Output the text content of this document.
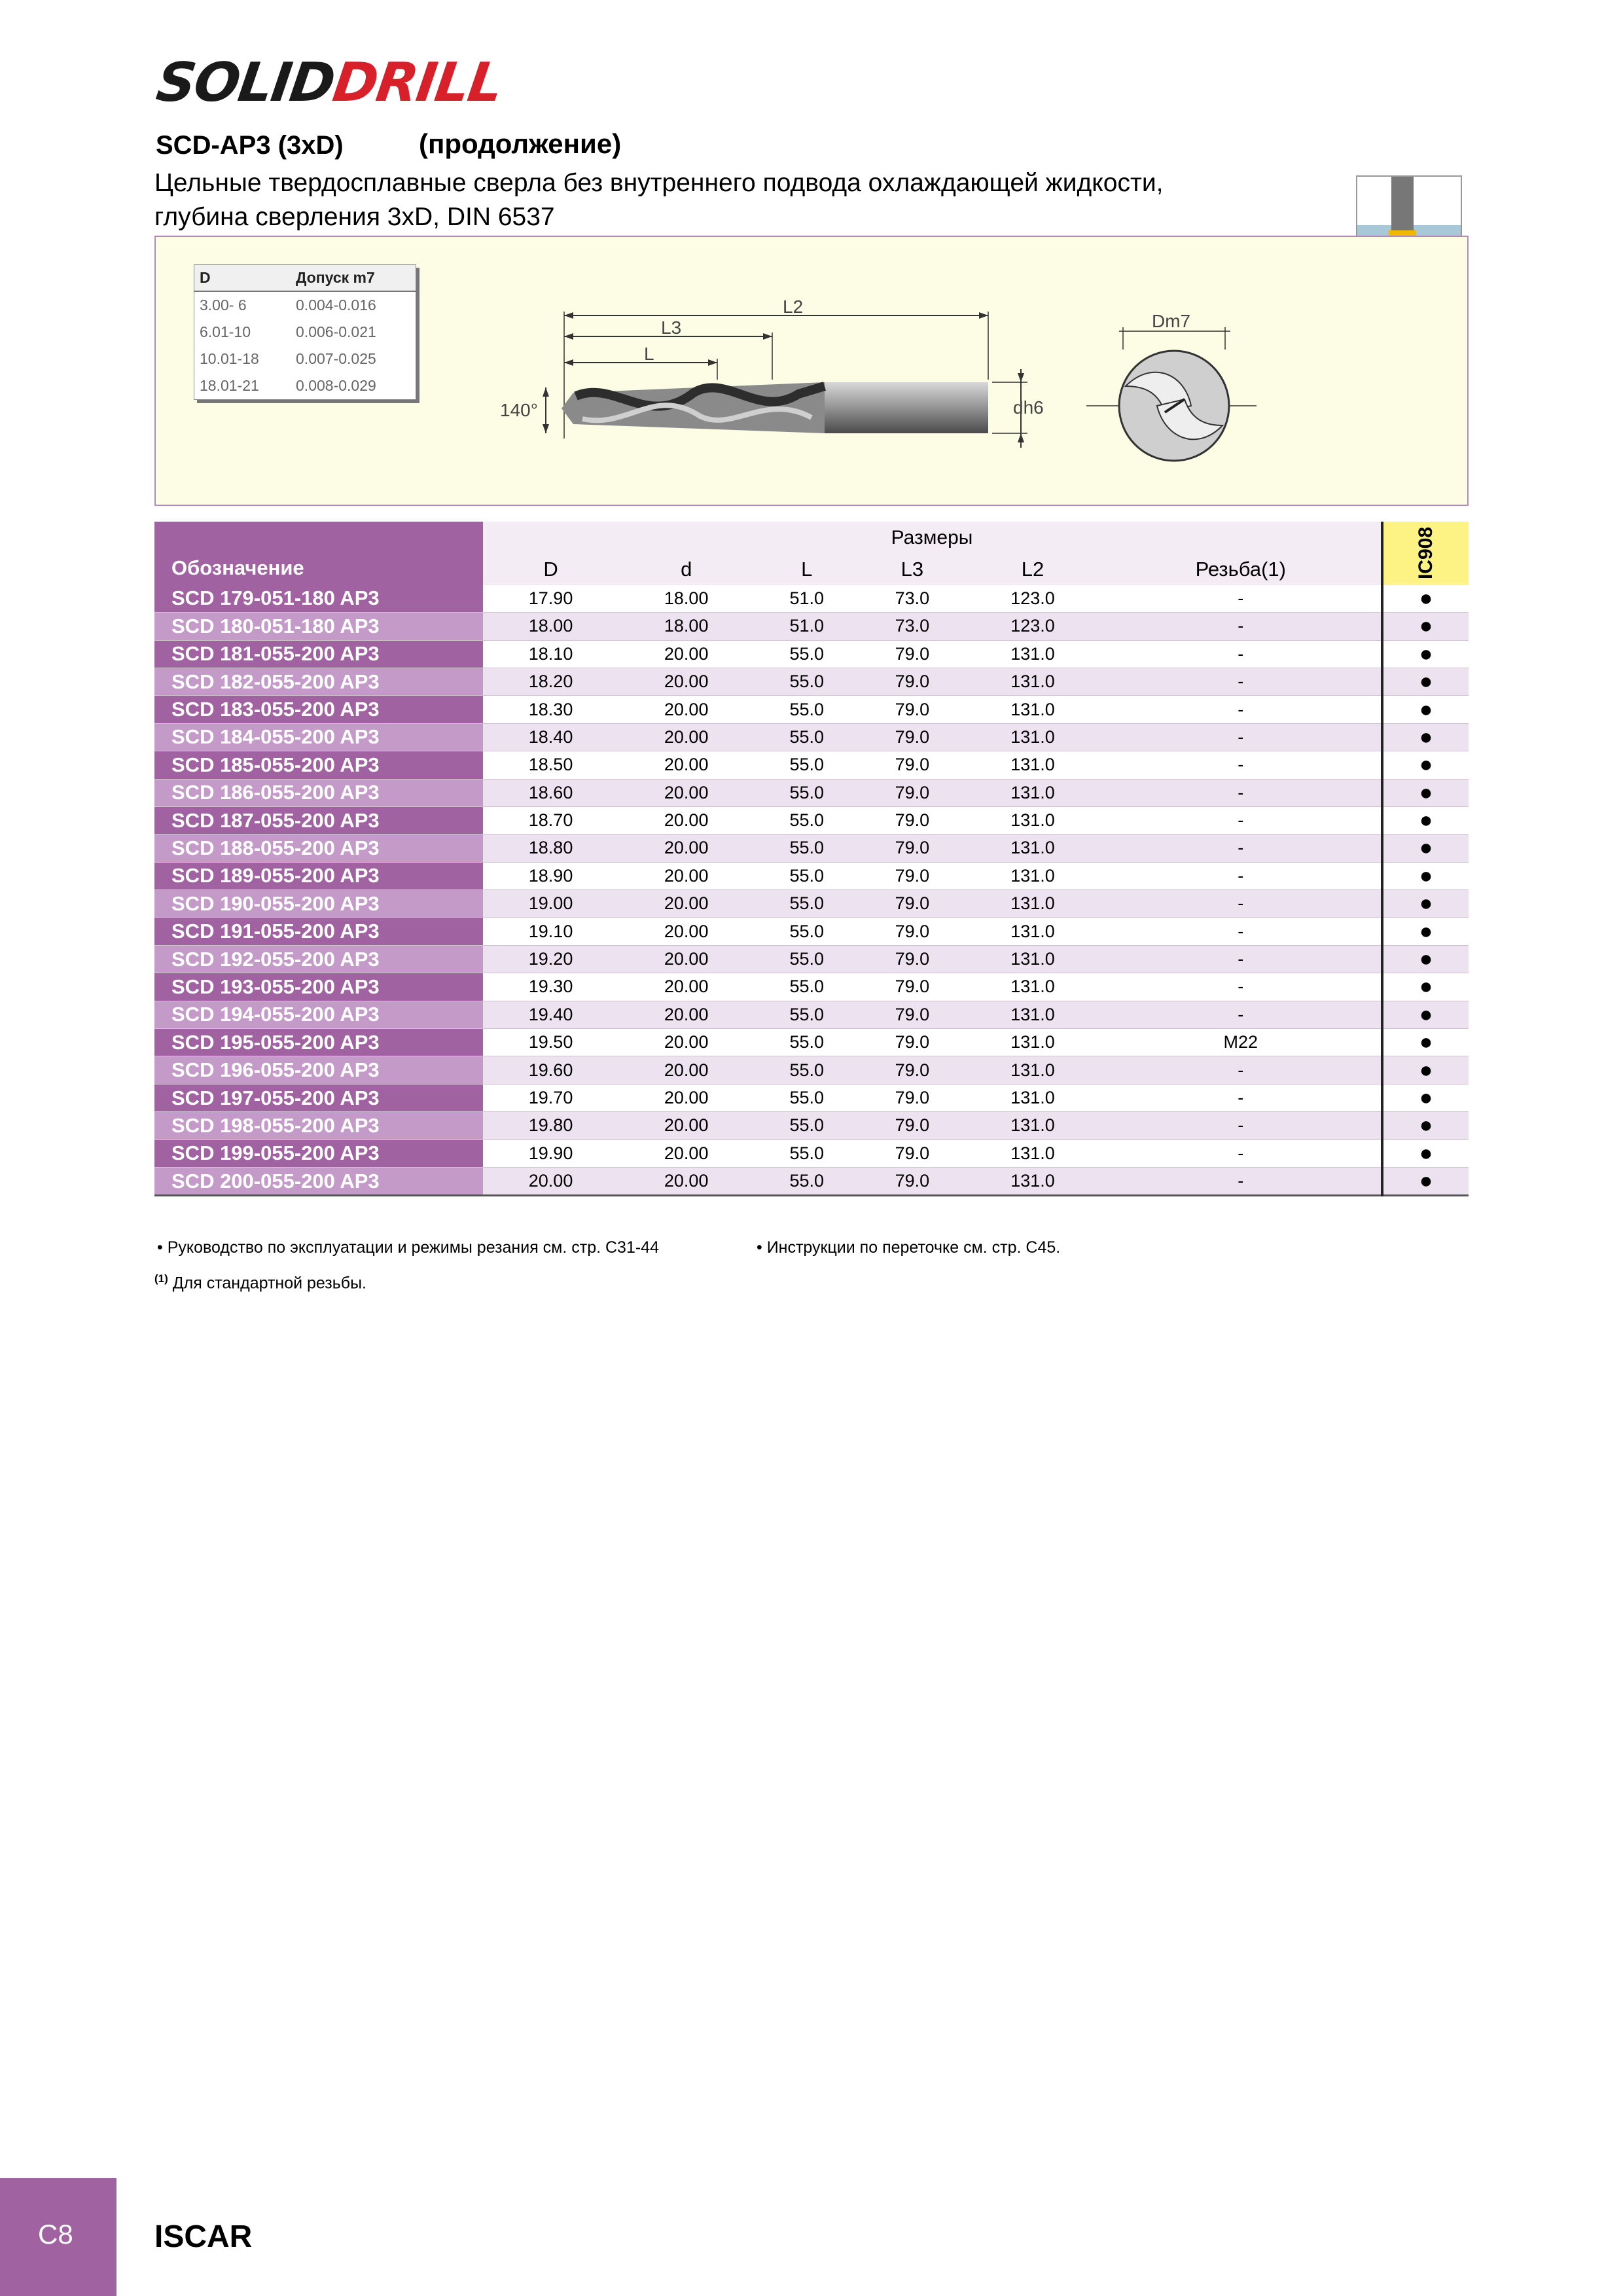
SOLIDDRILL
SCD-AP3 (3xD)	(продолжение)
Цельные твердосплавные сверла без внутреннего подвода охлаждающей жидкости, глубина сверления 3xD, DIN 6537
D	Допуск m7
3.00- 6	0.004-0.016
6.01-10	0.006-0.021
10.01-18	0.007-0.025
18.01-21	0.008-0.029
L2
L3
L
dh6
140°
Dm7
Обозначение	Размеры						IC908
	D	d	L	L3	L2	Резьба(1)	
SCD 179-051-180 AP3	17.90	18.00	51.0	73.0	123.0	-	●
SCD 180-051-180 AP3	18.00	18.00	51.0	73.0	123.0	-	●
SCD 181-055-200 AP3	18.10	20.00	55.0	79.0	131.0	-	●
SCD 182-055-200 AP3	18.20	20.00	55.0	79.0	131.0	-	●
SCD 183-055-200 AP3	18.30	20.00	55.0	79.0	131.0	-	●
SCD 184-055-200 AP3	18.40	20.00	55.0	79.0	131.0	-	●
SCD 185-055-200 AP3	18.50	20.00	55.0	79.0	131.0	-	●
SCD 186-055-200 AP3	18.60	20.00	55.0	79.0	131.0	-	●
SCD 187-055-200 AP3	18.70	20.00	55.0	79.0	131.0	-	●
SCD 188-055-200 AP3	18.80	20.00	55.0	79.0	131.0	-	●
SCD 189-055-200 AP3	18.90	20.00	55.0	79.0	131.0	-	●
SCD 190-055-200 AP3	19.00	20.00	55.0	79.0	131.0	-	●
SCD 191-055-200 AP3	19.10	20.00	55.0	79.0	131.0	-	●
SCD 192-055-200 AP3	19.20	20.00	55.0	79.0	131.0	-	●
SCD 193-055-200 AP3	19.30	20.00	55.0	79.0	131.0	-	●
SCD 194-055-200 AP3	19.40	20.00	55.0	79.0	131.0	-	●
SCD 195-055-200 AP3	19.50	20.00	55.0	79.0	131.0	M22	●
SCD 196-055-200 AP3	19.60	20.00	55.0	79.0	131.0	-	●
SCD 197-055-200 AP3	19.70	20.00	55.0	79.0	131.0	-	●
SCD 198-055-200 AP3	19.80	20.00	55.0	79.0	131.0	-	●
SCD 199-055-200 AP3	19.90	20.00	55.0	79.0	131.0	-	●
SCD 200-055-200 AP3	20.00	20.00	55.0	79.0	131.0	-	●
• Руководство по эксплуатации и режимы резания см. стр. C31-44	• Инструкции по переточке см. стр. C45.
$^{(1)}$ Для стандартной резьбы.
C8	ISCAR
